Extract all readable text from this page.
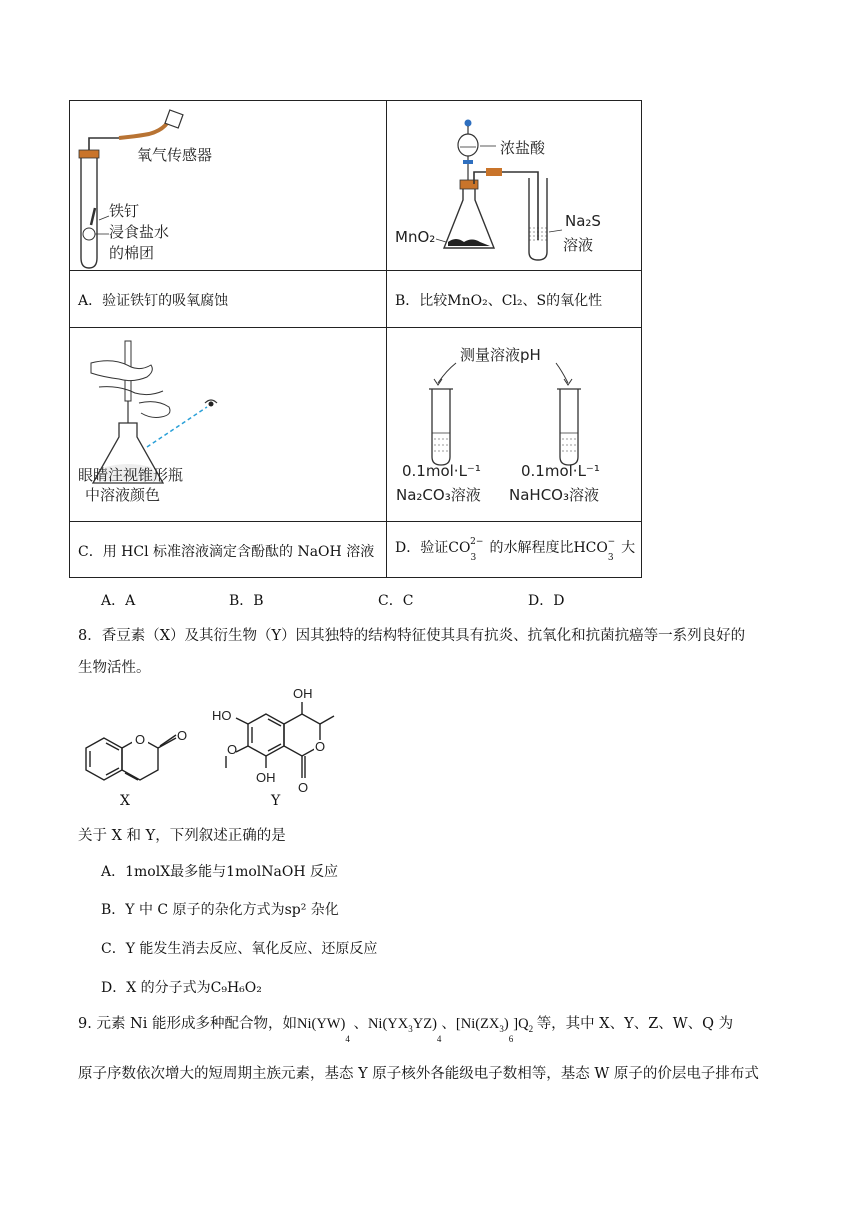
氧气传感器
铁钉
浸食盐水
的棉团
浓盐酸
MnO₂
Na₂S
溶液
A．验证铁钉的吸氧腐蚀	B．比较MnO₂、Cl₂、S的氧化性
眼睛注视锥形瓶
中溶液颜色
测量溶液pH
0.1mol·L⁻¹
Na₂CO₃溶液
0.1mol·L⁻¹
NaHCO₃溶液
C．用 HCl 标准溶液滴定含酚酞的 NaOH 溶液 D．验证$CO_3^{2-}$ 的水解程度比$HCO_3^-$ 大
A．A	B．B	C．C	D．D
8．香豆素（X）及其衍生物（Y）因其独特的结构特征使其具有抗炎、抗氧化和抗菌抗癌等一系列良好的
生物活性。
O O
X
OH
HO
O
O
OH
O
Y
关于 X 和 Y，下列叙述正确的是
A．1molX最多能与1molNaOH 反应
B．Y 中 C 原子的杂化方式为sp² 杂化
C．Y 能发生消去反应、氧化反应、还原反应
D．X 的分子式为C₉H₆O₂
9. 元素 Ni 能形成多种配合物，如$Ni(YW)_4$ 、$Ni(YX_3YZ)_4$、$[Ni(ZX_3)_6]Q_2$ 等，其中 X、Y、Z、W、Q 为
原子序数依次增大的短周期主族元素，基态 Y 原子核外各能级电子数相等，基态 W 原子的价层电子排布式
